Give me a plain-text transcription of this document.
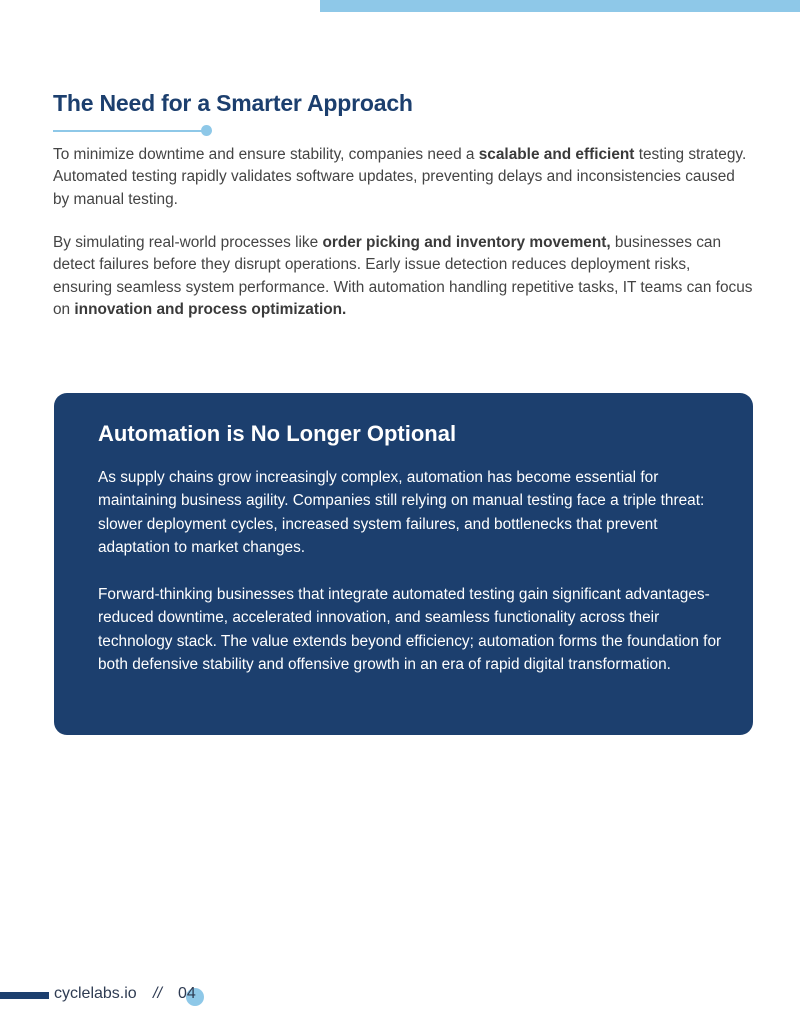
The Need for a Smarter Approach

To minimize downtime and ensure stability, companies need a scalable and efficient testing strategy. Automated testing rapidly validates software updates, preventing delays and inconsistencies caused by manual testing.

By simulating real-world processes like order picking and inventory movement, businesses can detect failures before they disrupt operations. Early issue detection reduces deployment risks, ensuring seamless system performance. With automation handling repetitive tasks, IT teams can focus on innovation and process optimization.

Automation is No Longer Optional

As supply chains grow increasingly complex, automation has become essential for maintaining business agility. Companies still relying on manual testing face a triple threat: slower deployment cycles, increased system failures, and bottlenecks that prevent adaptation to market changes.

Forward-thinking businesses that integrate automated testing gain significant advantages-reduced downtime, accelerated innovation, and seamless functionality across their technology stack. The value extends beyond efficiency; automation forms the foundation for both defensive stability and offensive growth in an era of rapid digital transformation.

cyclelabs.io // 04
